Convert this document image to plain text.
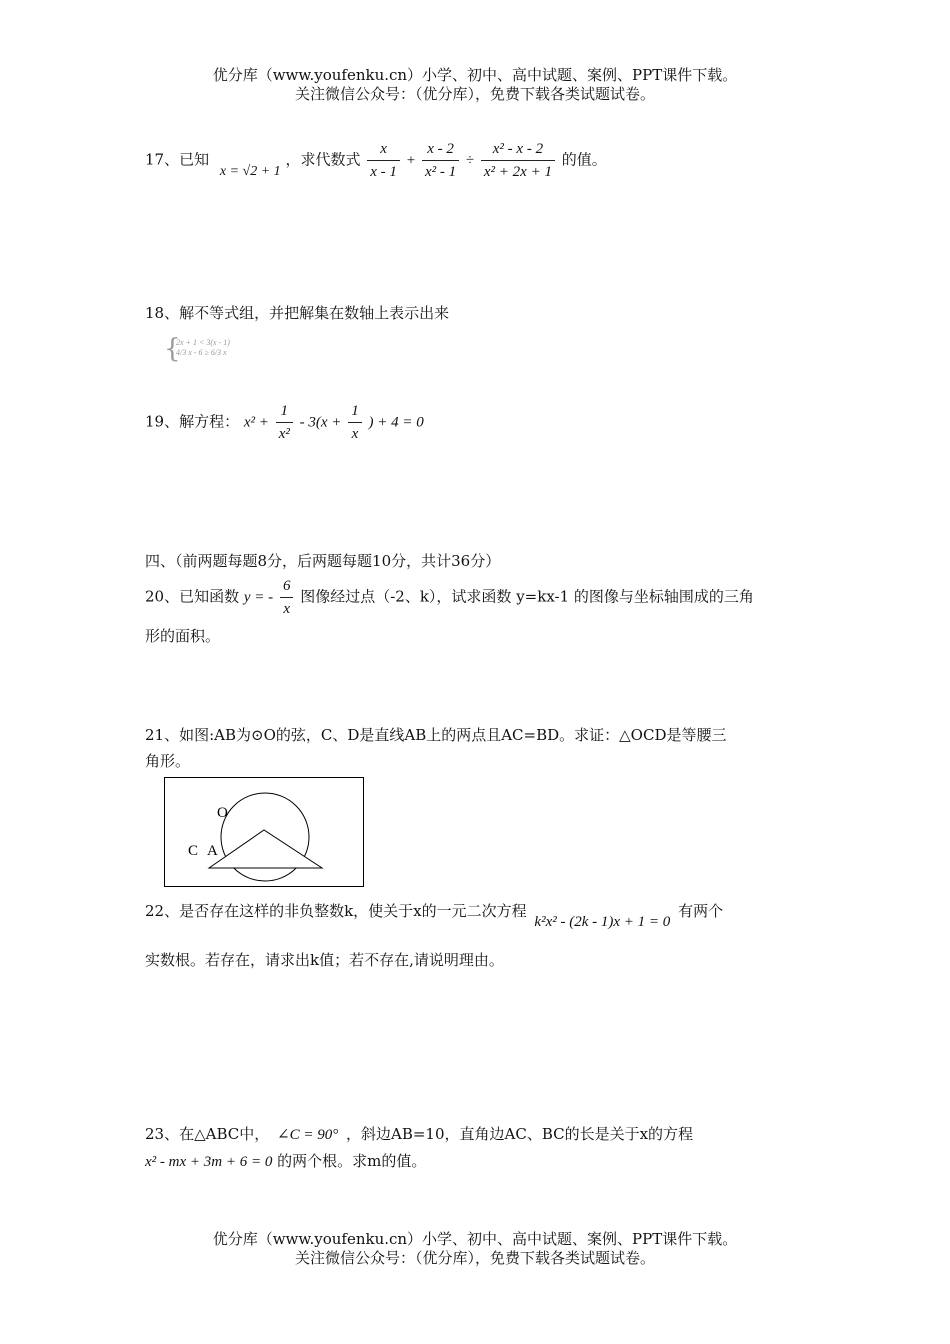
优分库（www.youfenku.cn）小学、初中、高中试题、案例、PPT课件下载。
关注微信公众号：（优分库），免费下载各类试题试卷。
17、已知 x = √2 + 1 ，求代数式 $\frac{x}{x - 1} + \frac{x - 2}{\text{x² - 1}} \div \frac{\text{x² - x - 2}}{\text{x² + 2x + 1}}$ 的值。
18、解不等式组，并把解集在数轴上表示出来
{
2x + 1 < 3(x - 1)
4/3 x - 6 ≥ 6/3 x
19、解方程： $x^2 + \frac{1}{\text{x²}} - 3(x + \frac{1}{x}$ ) + 4 = 0
四、（前两题每题8分，后两题每题10分，共计36分）
20、已知函数 y = - $\frac{6}{x}$ 图像经过点（-2、k），试求函数 y=kx-1 的图像与坐标轴围成的三角
形的面积。
21、如图:AB为⊙O的弦，C、D是直线AB上的两点且AC=BD。求证：△OCD是等腰三
角形。
O
C A
22、是否存在这样的非负整数k，使关于x的一元二次方程 k²x² - (2k - 1)x + 1 = 0 有两个
实数根。若存在，请求出k值；若不存在,请说明理由。
23、在△ABC中， ∠C = 90° ，斜边AB=10，直角边AC、BC的长是关于x的方程
x² - mx + 3m + 6 = 0 的两个根。求m的值。
优分库（www.youfenku.cn）小学、初中、高中试题、案例、PPT课件下载。
关注微信公众号：（优分库），免费下载各类试题试卷。
